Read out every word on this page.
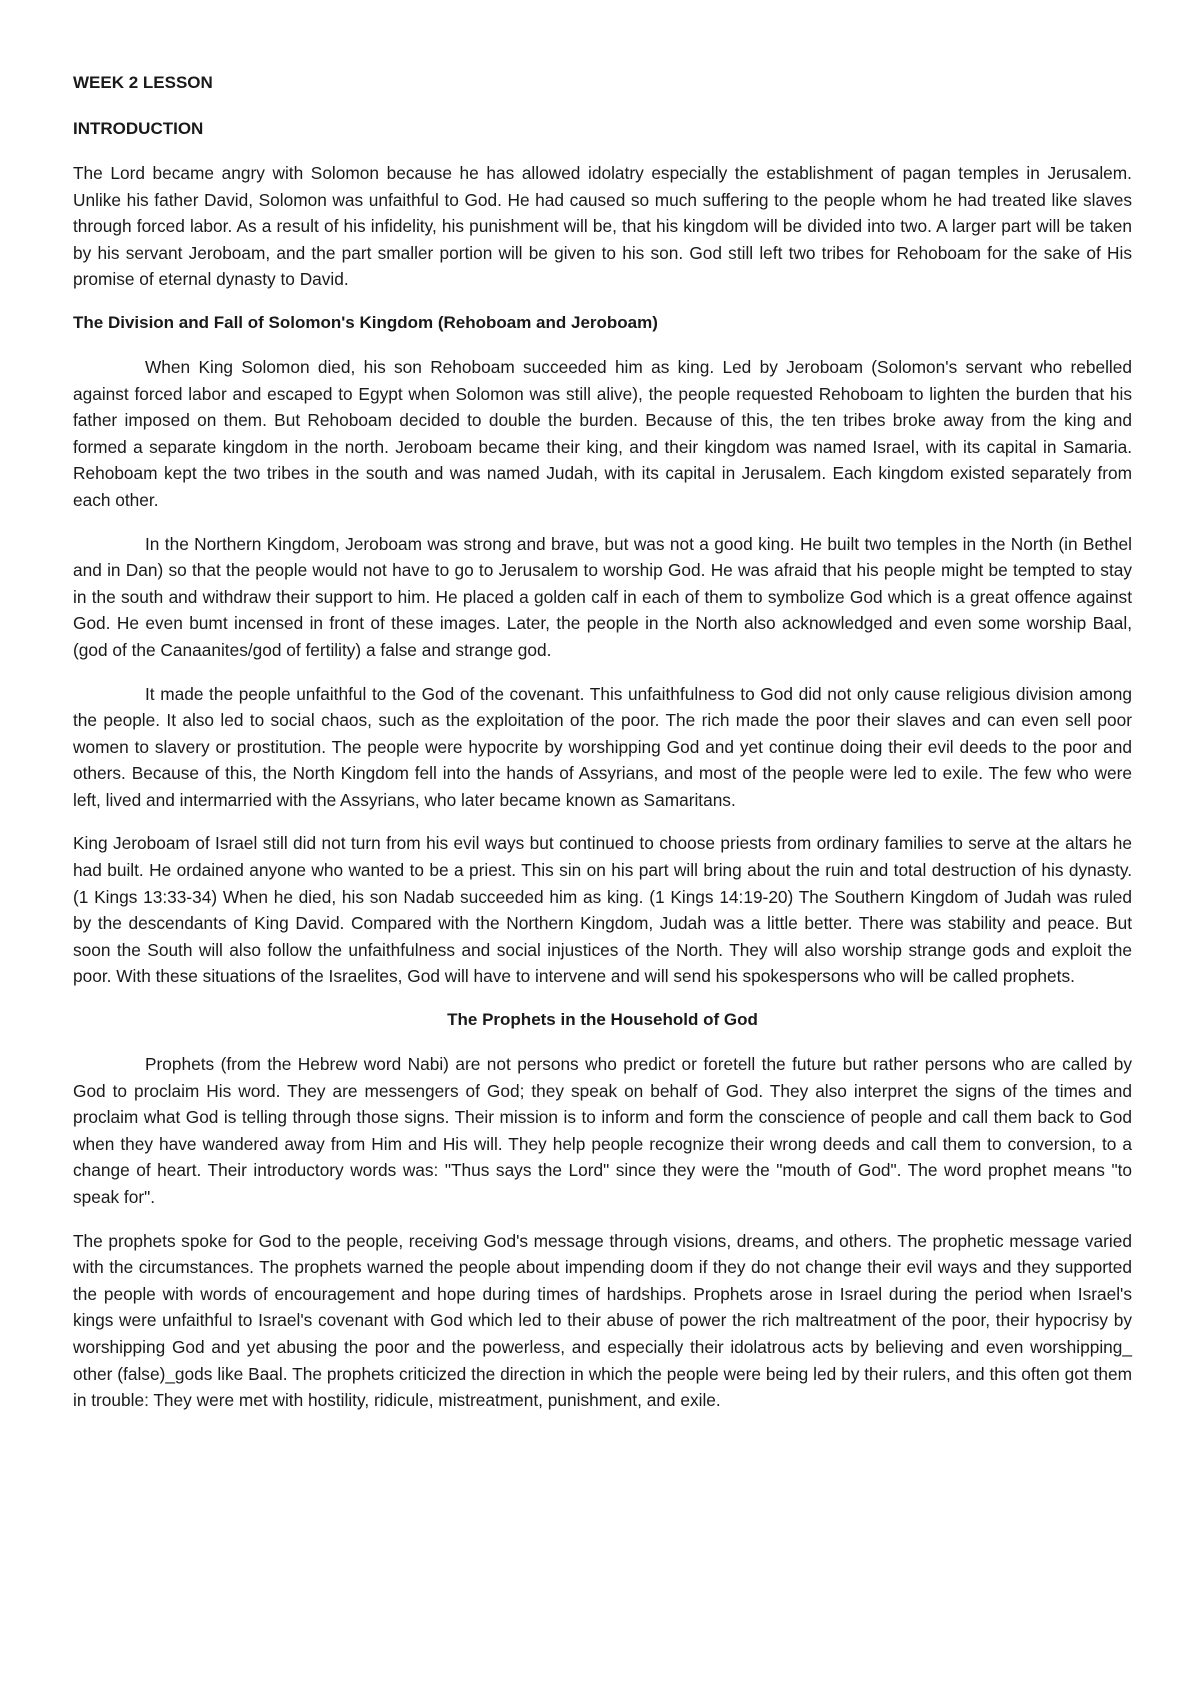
WEEK 2 LESSON
INTRODUCTION

The Lord became angry with Solomon because he has allowed idolatry especially the establishment of pagan temples in Jerusalem. Unlike his father David, Solomon was unfaithful to God. He had caused so much suffering to the people whom he had treated like slaves through forced labor. As a result of his infidelity, his punishment will be, that his kingdom will be divided into two. A larger part will be taken by his servant Jeroboam, and the part smaller portion will be given to his son. God still left two tribes for Rehoboam for the sake of His promise of eternal dynasty to David.

The Division and Fall of Solomon's Kingdom (Rehoboam and Jeroboam)

When King Solomon died, his son Rehoboam succeeded him as king. Led by Jeroboam (Solomon's servant who rebelled against forced labor and escaped to Egypt when Solomon was still alive), the people requested Rehoboam to lighten the burden that his father imposed on them. But Rehoboam decided to double the burden. Because of this, the ten tribes broke away from the king and formed a separate kingdom in the north. Jeroboam became their king, and their kingdom was named Israel, with its capital in Samaria. Rehoboam kept the two tribes in the south and was named Judah, with its capital in Jerusalem. Each kingdom existed separately from each other.

In the Northern Kingdom, Jeroboam was strong and brave, but was not a good king. He built two temples in the North (in Bethel and in Dan) so that the people would not have to go to Jerusalem to worship God. He was afraid that his people might be tempted to stay in the south and withdraw their support to him. He placed a golden calf in each of them to symbolize God which is a great offence against God. He even bumt incensed in front of these images. Later, the people in the North also acknowledged and even some worship Baal, (god of the Canaanites/god of fertility) a false and strange god.

It made the people unfaithful to the God of the covenant. This unfaithfulness to God did not only cause religious division among the people. It also led to social chaos, such as the exploitation of the poor. The rich made the poor their slaves and can even sell poor women to slavery or prostitution. The people were hypocrite by worshipping God and yet continue doing their evil deeds to the poor and others. Because of this, the North Kingdom fell into the hands of Assyrians, and most of the people were led to exile. The few who were left, lived and intermarried with the Assyrians, who later became known as Samaritans.

King Jeroboam of Israel still did not turn from his evil ways but continued to choose priests from ordinary families to serve at the altars he had built. He ordained anyone who wanted to be a priest. This sin on his part will bring about the ruin and total destruction of his dynasty. (1 Kings 13:33-34) When he died, his son Nadab succeeded him as king. (1 Kings 14:19-20) The Southern Kingdom of Judah was ruled by the descendants of King David. Compared with the Northern Kingdom, Judah was a little better. There was stability and peace. But soon the South will also follow the unfaithfulness and social injustices of the North. They will also worship strange gods and exploit the poor. With these situations of the Israelites, God will have to intervene and will send his spokespersons who will be called prophets.

The Prophets in the Household of God

Prophets (from the Hebrew word Nabi) are not persons who predict or foretell the future but rather persons who are called by God to proclaim His word. They are messengers of God; they speak on behalf of God. They also interpret the signs of the times and proclaim what God is telling through those signs. Their mission is to inform and form the conscience of people and call them back to God when they have wandered away from Him and His will. They help people recognize their wrong deeds and call them to conversion, to a change of heart. Their introductory words was: "Thus says the Lord" since they were the "mouth of God". The word prophet means "to speak for".

The prophets spoke for God to the people, receiving God's message through visions, dreams, and others. The prophetic message varied with the circumstances. The prophets warned the people about impending doom if they do not change their evil ways and they supported the people with words of encouragement and hope during times of hardships. Prophets arose in Israel during the period when Israel's kings were unfaithful to Israel's covenant with God which led to their abuse of power the rich maltreatment of the poor, their hypocrisy by worshipping God and yet abusing the poor and the powerless, and especially their idolatrous acts by believing and even worshipping_ other (false)_gods like Baal. The prophets criticized the direction in which the people were being led by their rulers, and this often got them in trouble: They were met with hostility, ridicule, mistreatment, punishment, and exile.
